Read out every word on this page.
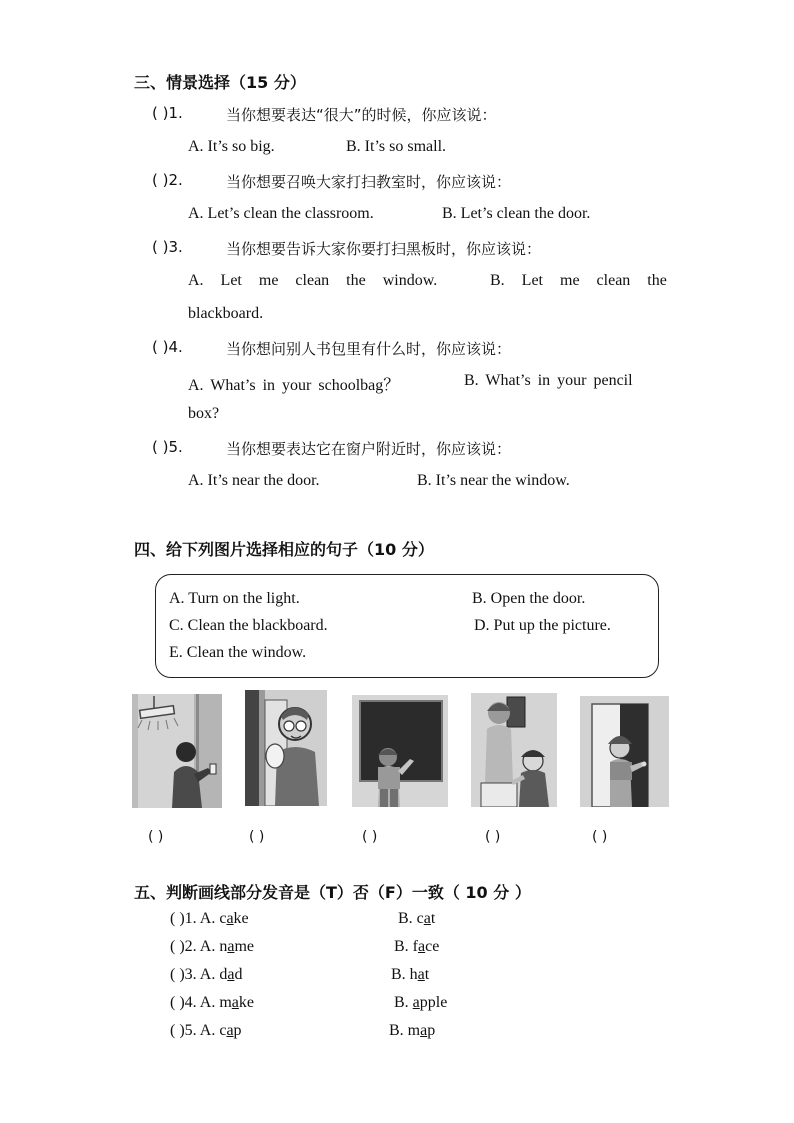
三、情景选择（15 分）
( )1.	当你想要表达“很大”的时候，你应该说：
A. It’s so big.	B. It’s so small.
( )2.	当你想要召唤大家打扫教室时，你应该说：
A. Let’s clean the classroom.	B. Let’s clean the door.
( )3.	当你想要告诉大家你要打扫黑板时，你应该说：
A. Let me clean the window.	B. Let me clean the
blackboard.
( )4.	当你想问别人书包里有什么时，你应该说：
A. What’s in your schoolbag？	B. What’s in your pencil
box?
( )5.	当你想要表达它在窗户附近时，你应该说：
A. It’s near the door.	B. It’s near the window.
四、给下列图片选择相应的句子（10 分）
A. Turn on the light.	B. Open the door.
C. Clean the blackboard.	D. Put up the picture.
E. Clean the window.
( )	( )	( )	( )	( )
五、判断画线部分发音是（T）否（F）一致（ 10 分 ）
( )1. A. cake	B. cat
( )2. A. name	B. face
( )3. A. dad	B. hat
( )4. A. make	B. apple
( )5. A. cap	B. map
